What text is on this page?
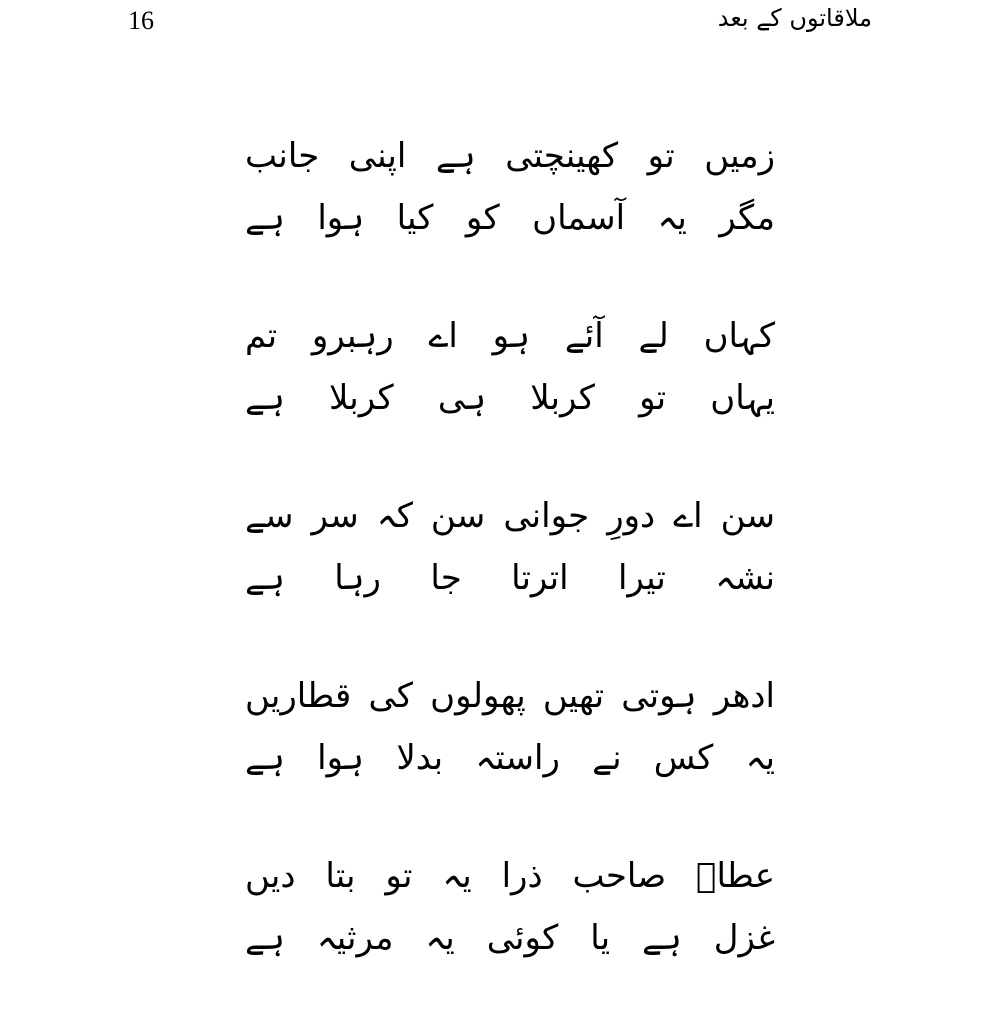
16	ملاقاتوں کے بعد
زمیں
تو
کھینچتی
ہے
اپنی
جانب
مگر
یہ
آسماں
کو
کیا
ہوا
ہے
کہاں
لے
آئے
ہو
اے
رہبرو
تم
یہاں
تو
کربلا
ہی
کربلا
ہے
سن
اے
دورِ
جوانی
سن
کہ
سر
سے
نشہ
تیرا
اترتا
جا
رہا
ہے
ادھر
ہوتی
تھیں
پھولوں
کی
قطاریں
یہ
کس
نے
راستہ
بدلا
ہوا
ہے
عطاؔ
صاحب
ذرا
یہ
تو
بتا
دیں
غزل
ہے
یا
کوئی
یہ
مرثیہ
ہے
